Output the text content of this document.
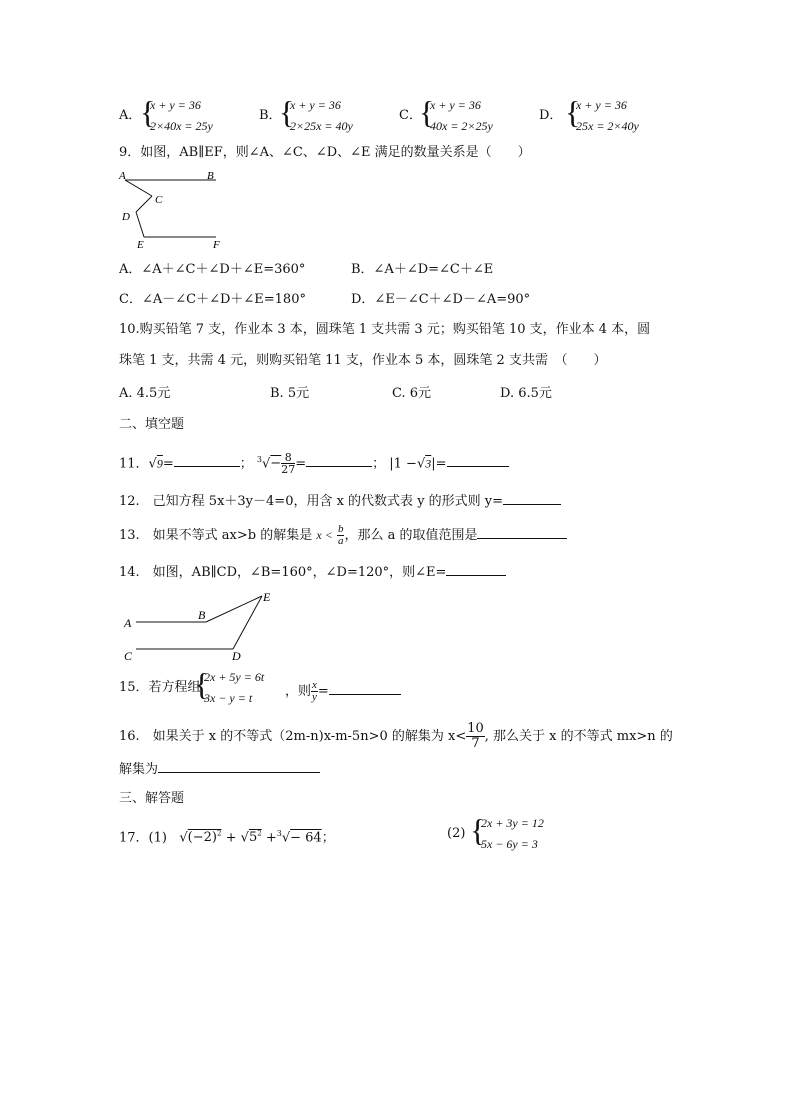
A．
{
x + y = 36
2×40x = 25y
B．
{
x + y = 36
2×25x = 40y
C．
{
x + y = 36
40x = 2×25y
D． {
x + y = 36
25x = 2×40y
9．如图，AB∥EF，则∠A、∠C、∠D、∠E 满足的数量关系是（　　）
A	B
C
D
E	F
A．∠A＋∠C＋∠D＋∠E=360°	B．∠A＋∠D=∠C＋∠E
C．∠A－∠C＋∠D＋∠E=180°	D．∠E－∠C＋∠D－∠A=90°
10.购买铅笔 7 支，作业本 3 本，圆珠笔 1 支共需 3 元；购买铅笔 10 支，作业本 4 本，圆
珠笔 1 支，共需 4 元，则购买铅笔 11 支，作业本 5 本，圆珠笔 2 支共需　（　　）
A. 4.5元	B. 5元	C. 6元	D. 6.5元
二、填空题
11．√9=	； $^3√- \frac{8}{27}$ =	； |1 −√3|=
12.　己知方程 5x＋3y－4=0，用含 x 的代数式表 y 的形式则 y=
13.　如果不等式 ax>b 的解集是 $x < \frac{b}{a}$ ，那么 a 的取值范围是
14.　如图，AB∥CD，∠B=160°，∠D=120°，则∠E=
A
B
C	D
E
15．若方程组
{
2x + 5y = 6t
3x − y = t	，则 $\frac{x}{y}$ =
16.　如果关于 x 的不等式（2m-n)x-m-5n>0 的解集为 $x< \frac{10}{7}$ , 那么关于 x 的不等式 mx>n 的
解集为
三、解答题
17．(1) $√(-2)^2 + √5^2 +^3√- 64$；	(2) {
2x + 3y = 12
5x − 6y = 3
